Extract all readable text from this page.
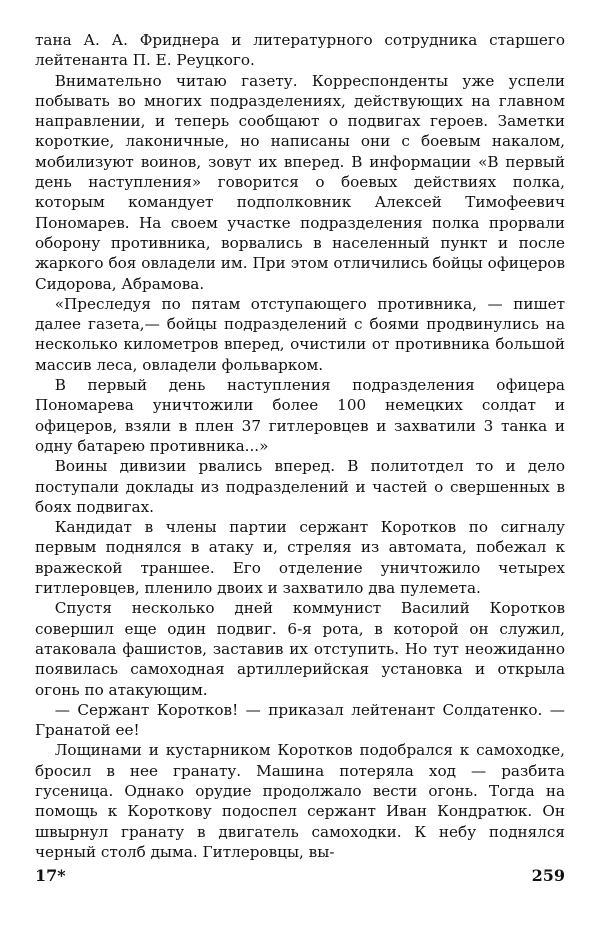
тана А. А. Фриднера и литературного сотрудника старшего лейтенанта П. Е. Реуцкого.

Внимательно читаю газету. Корреспонденты уже успели побывать во многих подразделениях, действующих на главном направлении, и теперь сообщают о подвигах героев. Заметки короткие, лаконичные, но написаны они с боевым накалом, мобилизуют воинов, зовут их вперед. В информации «В первый день наступления» говорится о боевых действиях полка, которым командует подполковник Алексей Тимофеевич Пономарев. На своем участке подразделения полка прорвали оборону противника, ворвались в населенный пункт и после жаркого боя овладели им. При этом отличились бойцы офицеров Сидорова, Абрамова.

«Преследуя по пятам отступающего противника, — пишет далее газета,— бойцы подразделений с боями продвинулись на несколько километров вперед, очистили от противника большой массив леса, овладели фольварком.

В первый день наступления подразделения офицера Пономарева уничтожили более 100 немецких солдат и офицеров, взяли в плен 37 гитлеровцев и захватили 3 танка и одну батарею противника...»

Воины дивизии рвались вперед. В политотдел то и дело поступали доклады из подразделений и частей о свершенных в боях подвигах.

Кандидат в члены партии сержант Коротков по сигналу первым поднялся в атаку и, стреляя из автомата, побежал к вражеской траншее. Его отделение уничтожило четырех гитлеровцев, пленило двоих и захватило два пулемета.

Спустя несколько дней коммунист Василий Коротков совершил еще один подвиг. 6-я рота, в которой он служил, атаковала фашистов, заставив их отступить. Но тут неожиданно появилась самоходная артиллерийская установка и открыла огонь по атакующим.

— Сержант Коротков! — приказал лейтенант Солдатенко. — Гранатой ее!

Лощинами и кустарником Коротков подобрался к самоходке, бросил в нее гранату. Машина потеряла ход — разбита гусеница. Однако орудие продолжало вести огонь. Тогда на помощь к Короткову подоспел сержант Иван Кондратюк. Он швырнул гранату в двигатель самоходки. К небу поднялся черный столб дыма. Гитлеровцы, вы-

17*	259
